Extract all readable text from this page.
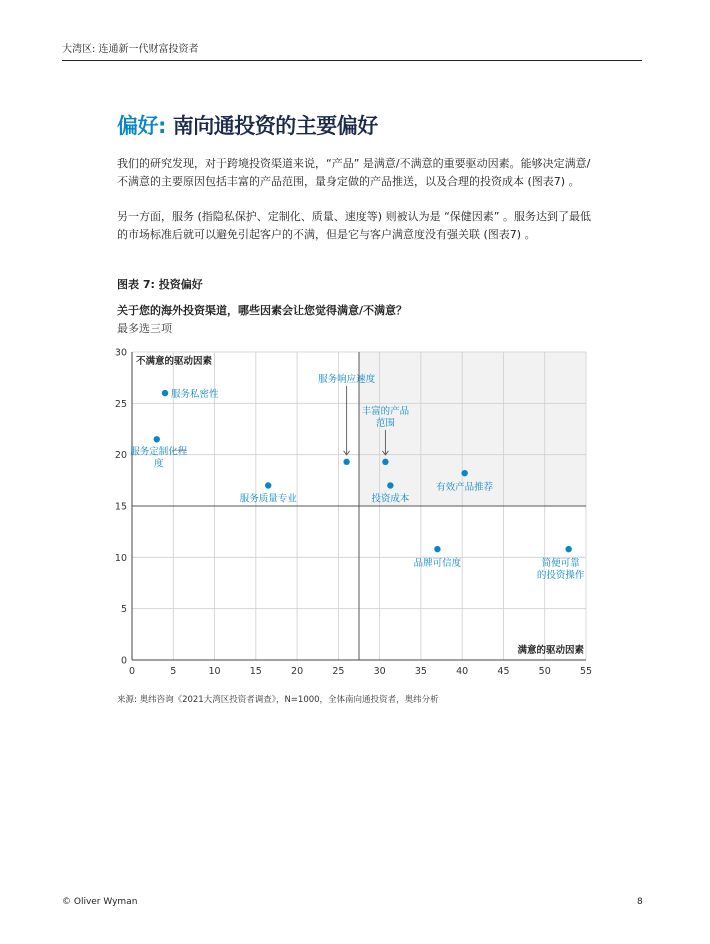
大湾区: 连通新一代财富投资者
偏好: 南向通投资的主要偏好

我们的研究发现，对于跨境投资渠道来说，“产品” 是满意/不满意的重要驱动因素。能够决定满意/不满意的主要原因包括丰富的产品范围，量身定做的产品推送，以及合理的投资成本 (图表7) 。

另一方面，服务 (指隐私保护、定制化、质量、速度等) 则被认为是 “保健因素” 。服务达到了最低的市场标准后就可以避免引起客户的不满，但是它与客户满意度没有强关联 (图表7) 。

图表 7: 投资偏好
关于您的海外投资渠道，哪些因素会让您觉得满意/不满意？
最多选三项
0	5	10	15	20	25	30	35	40	45	50	55
0
5
10
15
20
25
30
服务私密性
服务定制化程度
服务质量专业
服务响应速度
丰富的产品范围
投资成本
有效产品推荐
品牌可信度	简便可靠的投资操作
不满意的驱动因素
满意的驱动因素
来源: 奥纬咨询《2021大湾区投资者调查》，N=1000，全体南向通投资者，奥纬分析
© Oliver Wyman	8
